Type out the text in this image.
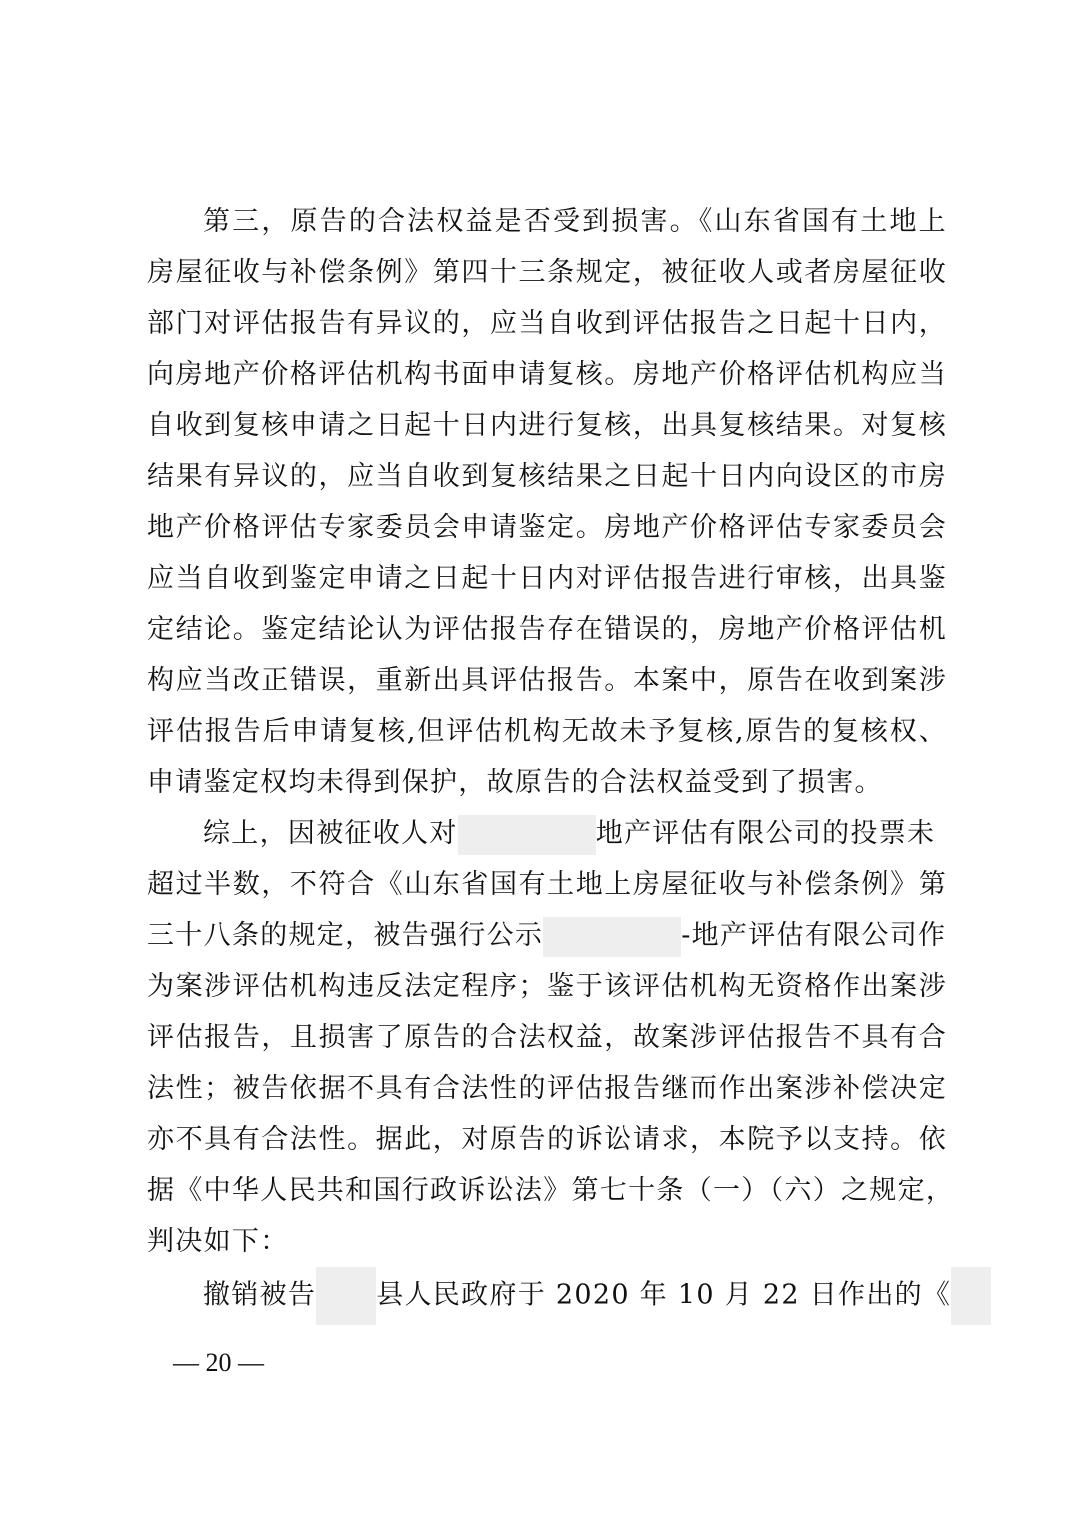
第三，原告的合法权益是否受到损害。《山东省国有土地上
房屋征收与补偿条例》第四十三条规定，被征收人或者房屋征收
部门对评估报告有异议的，应当自收到评估报告之日起十日内，
向房地产价格评估机构书面申请复核。房地产价格评估机构应当
自收到复核申请之日起十日内进行复核，出具复核结果。对复核
结果有异议的，应当自收到复核结果之日起十日内向设区的市房
地产价格评估专家委员会申请鉴定。房地产价格评估专家委员会
应当自收到鉴定申请之日起十日内对评估报告进行审核，出具鉴
定结论。鉴定结论认为评估报告存在错误的，房地产价格评估机
构应当改正错误，重新出具评估报告。本案中，原告在收到案涉
评估报告后申请复核,但评估机构无故未予复核,原告的复核权、
申请鉴定权均未得到保护，故原告的合法权益受到了损害。
综上，因被征收人对	地产评估有限公司的投票未
超过半数，不符合《山东省国有土地上房屋征收与补偿条例》第
三十八条的规定，被告强行公示	-地产评估有限公司作
为案涉评估机构违反法定程序；鉴于该评估机构无资格作出案涉
评估报告，且损害了原告的合法权益，故案涉评估报告不具有合
法性；被告依据不具有合法性的评估报告继而作出案涉补偿决定
亦不具有合法性。据此，对原告的诉讼请求，本院予以支持。依
据《中华人民共和国行政诉讼法》第七十条（一）（六）之规定，
判决如下：
撤销被告 县人民政府于 2020 年 10 月 22 日作出的《
— 20 —
